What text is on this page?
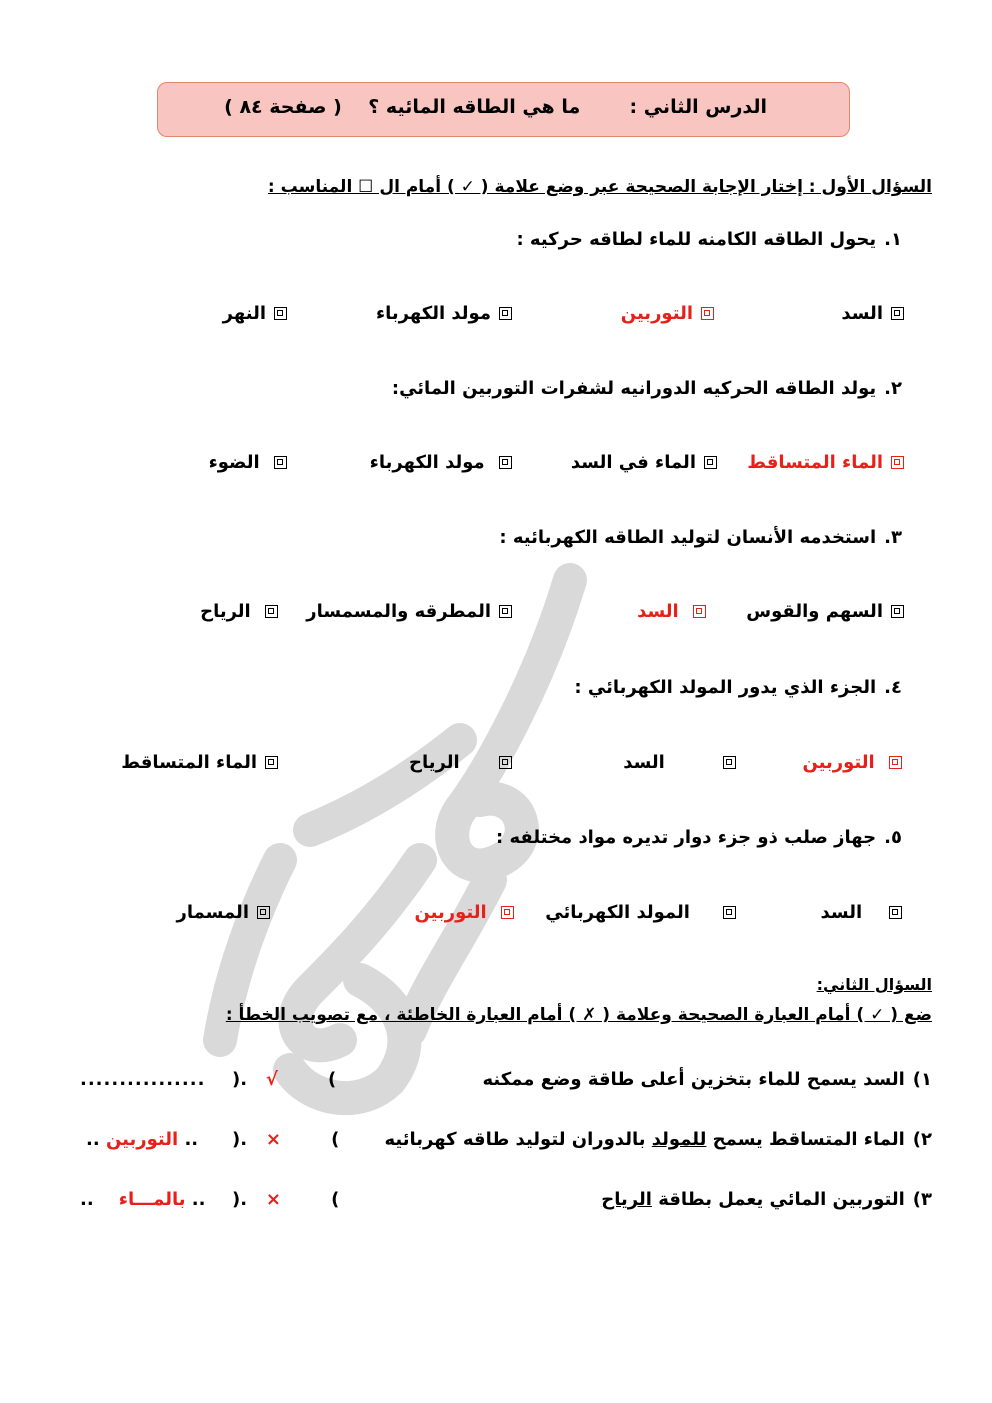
الدرس الثاني :  ما هي الطاقه المائيه ؟    ( صفحة ٨٤ )
السؤال الأول : إختار الإجابة الصحيحة عبر وضع علامة ( ✓ ) أمام ال ☐ المناسب :
١.يحول الطاقه الكامنه للماء لطاقه حركيه :
السد
التوربين
مولد الكهرباء
النهر
٢.يولد الطاقه الحركيه الدورانيه لشفرات التوربين المائي:
الماء المتساقط
الماء في السد
مولد الكهرباء
الضوء
٣.استخدمه الأنسان لتوليد الطاقه الكهربائيه :
السهم والقوس
السد
المطرقه والمسمسار
الرياح
٤.الجزء الذي يدور المولد الكهربائي :
التوربين
السد
الرياح
الماء المتساقط
٥.جهاز صلب ذو جزء دوار تديره مواد مختلفه :
السد
المولد الكهربائي
التوربين
المسمار
السؤال الثاني:
ضع ( ✓ ) أمام العبارة الصحيحة وعلامة ( ✗ ) أمام العبارة الخاطئة ، مع تصويب الخطأ :
١)السد يسمح للماء بتخزين أعلى طاقة وضع ممكنه
).   √        (
................
٢)الماء المتساقط يسمح للمولد بالدوران لتوليد طاقه كهربائيه
).   ×        (
.. التوربين ..
٣)التوربين المائي يعمل بطاقة الرياح
).   ×        (
.. بالمـــاء    ..
